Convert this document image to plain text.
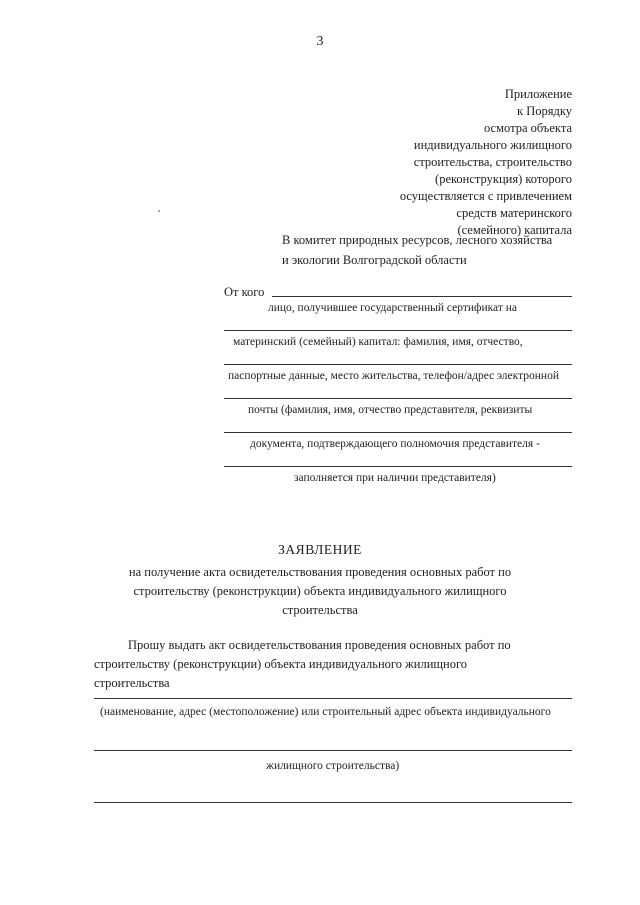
3
Приложение
к Порядку
осмотра объекта
индивидуального жилищного
строительства, строительство
(реконструкция) которого
осуществляется с привлечением
средств материнского
(семейного) капитала
В комитет природных ресурсов, лесного хозяйства
и экологии Волгоградской области
От кого
лицо, получившее государственный сертификат на
материнский (семейный) капитал: фамилия, имя, отчество,
паспортные данные, место жительства, телефон/адрес электронной
почты (фамилия, имя, отчество представителя, реквизиты
документа, подтверждающего полномочия представителя -
заполняется при наличии представителя)
ЗАЯВЛЕНИЕ
на получение акта освидетельствования проведения основных работ по
строительству (реконструкции) объекта индивидуального жилищного
строительства
Прошу выдать акт освидетельствования проведения основных работ по
строительству (реконструкции) объекта индивидуального жилищного
строительства
(наименование, адрес (местоположение) или строительный адрес объекта индивидуального
жилищного строительства)
